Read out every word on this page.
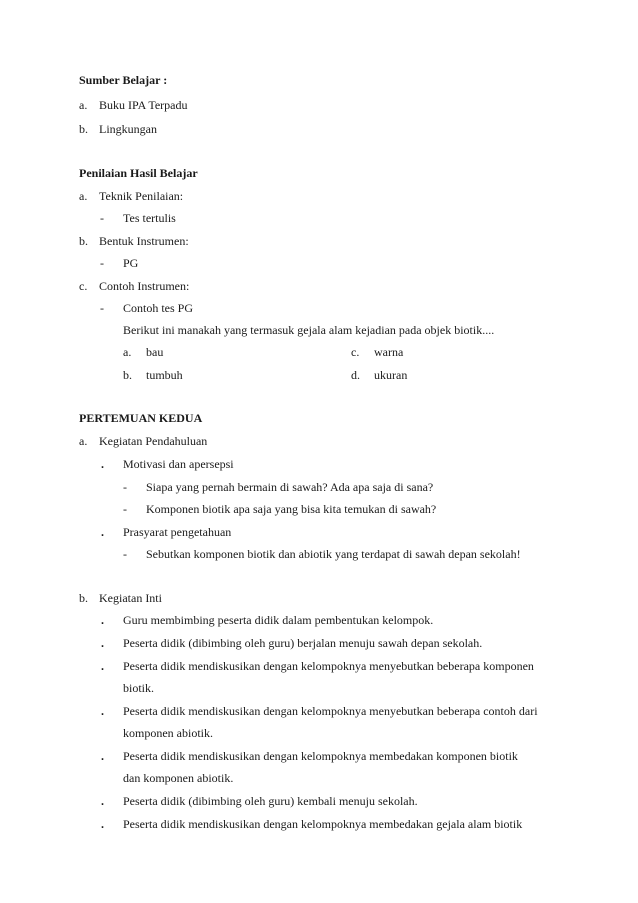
Sumber Belajar :
a. Buku IPA Terpadu
b. Lingkungan
Penilaian Hasil Belajar
a. Teknik Penilaian:
- Tes tertulis
b. Bentuk Instrumen:
- PG
c. Contoh Instrumen:
- Contoh tes PG
Berikut ini manakah yang termasuk gejala alam kejadian pada objek biotik....
a. bau	c. warna
b. tumbuh	d. ukuran
PERTEMUAN KEDUA
a. Kegiatan Pendahuluan
. Motivasi dan apersepsi
- Siapa yang pernah bermain di sawah? Ada apa saja di sana?
- Komponen biotik apa saja yang bisa kita temukan di sawah?
. Prasyarat pengetahuan
- Sebutkan komponen biotik dan abiotik yang terdapat di sawah depan sekolah!
b. Kegiatan Inti
. Guru membimbing peserta didik dalam pembentukan kelompok.
. Peserta didik (dibimbing oleh guru) berjalan menuju sawah depan sekolah.
. Peserta didik mendiskusikan dengan kelompoknya menyebutkan beberapa komponen
biotik.
. Peserta didik mendiskusikan dengan kelompoknya menyebutkan beberapa contoh dari
komponen abiotik.
. Peserta didik mendiskusikan dengan kelompoknya membedakan komponen biotik
dan komponen abiotik.
. Peserta didik (dibimbing oleh guru) kembali menuju sekolah.
. Peserta didik mendiskusikan dengan kelompoknya membedakan gejala alam biotik
